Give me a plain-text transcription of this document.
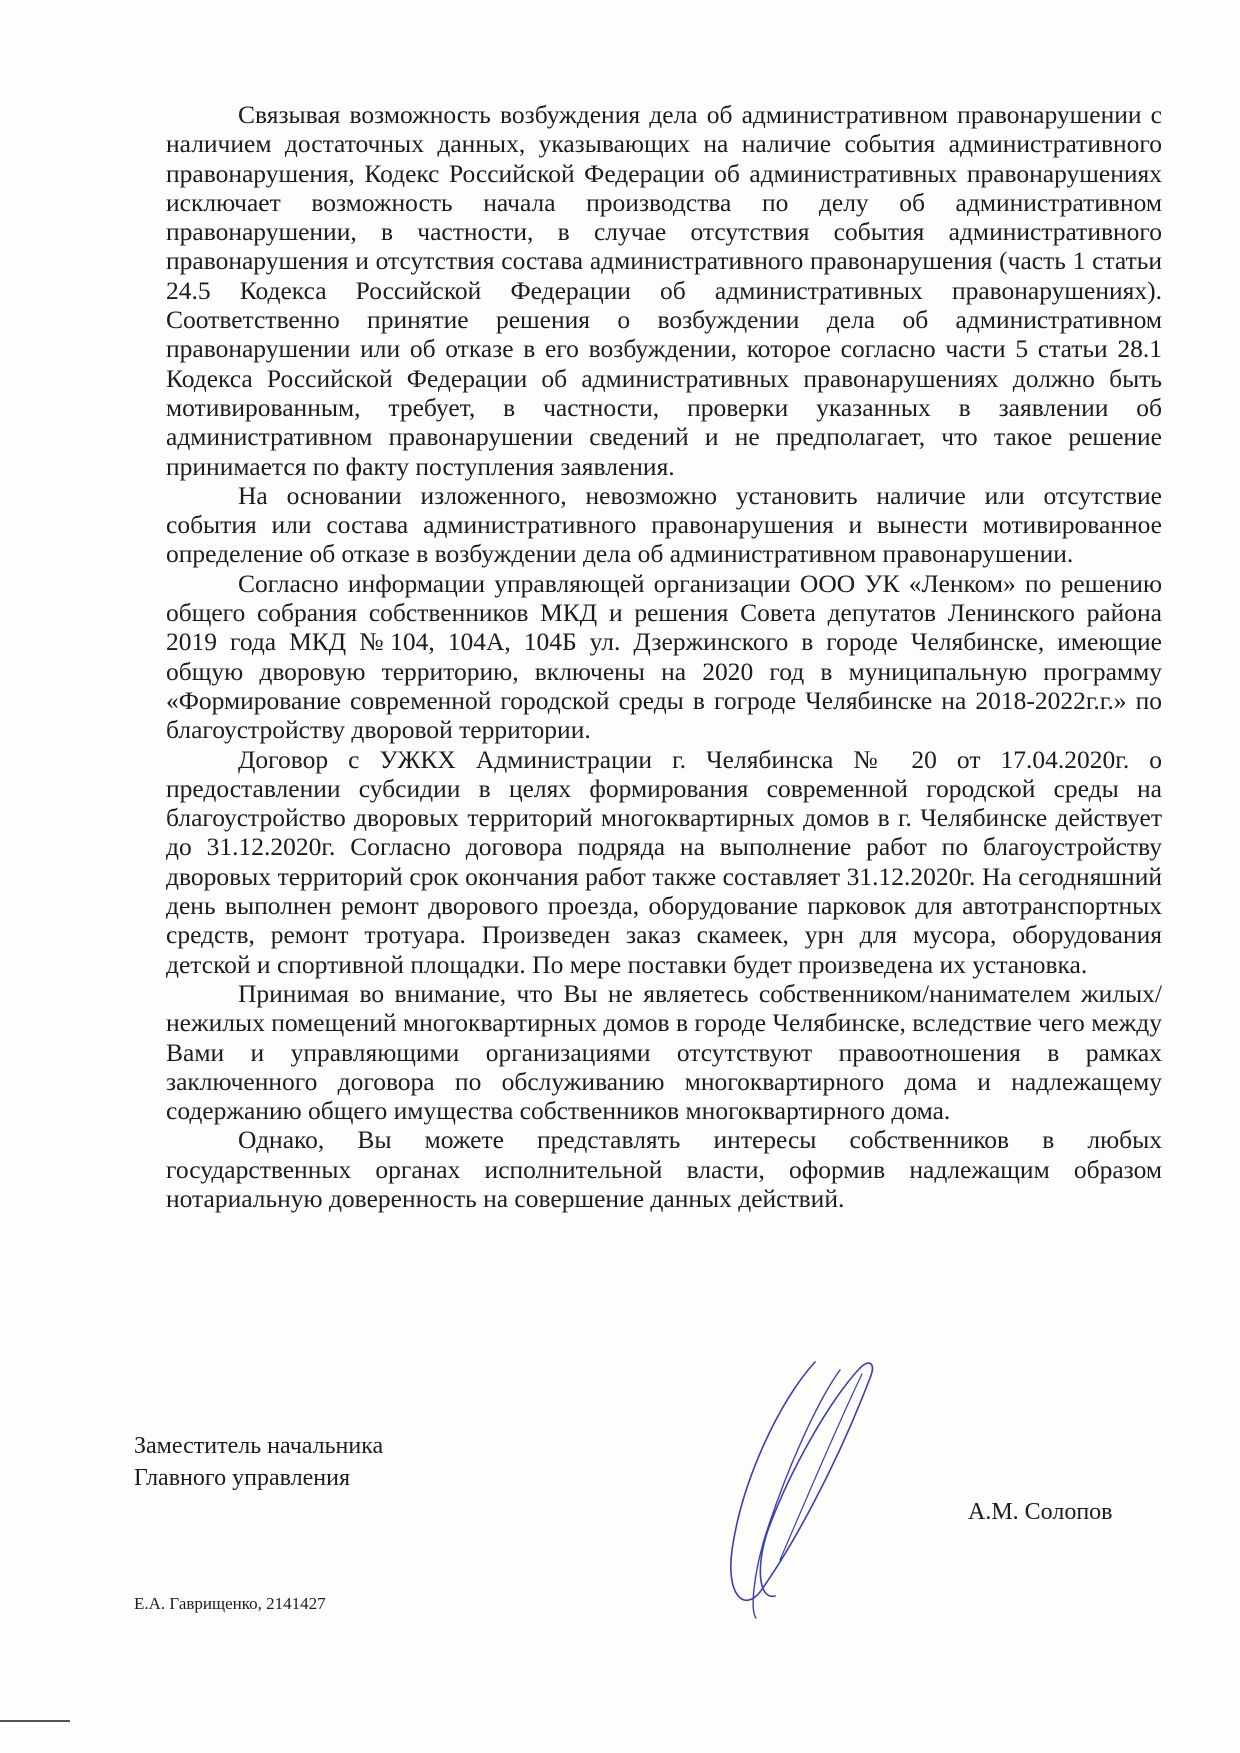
Связывая возможность возбуждения дела об административном правонарушении с наличием достаточных данных, указывающих на наличие события административного правонарушения, Кодекс Российской Федерации об административных правонарушениях исключает возможность начала производства по делу об административном правонарушении, в частности, в случае отсутствия события административного правонарушения и отсутствия состава административного правонарушения (часть 1 статьи 24.5 Кодекса Российской Федерации об административных правонарушениях). Соответственно принятие решения о возбуждении дела об административном правонарушении или об отказе в его возбуждении, которое согласно части 5 статьи 28.1 Кодекса Российской Федерации об административных правонарушениях должно быть мотивированным, требует, в частности, проверки указанных в заявлении об административном правонарушении сведений и не предполагает, что такое решение принимается по факту поступления заявления.

На основании изложенного, невозможно установить наличие или отсутствие события или состава административного правонарушения и вынести мотивированное определение об отказе в возбуждении дела об административном правонарушении.

Согласно информации управляющей организации ООО УК «Ленком» по решению общего собрания собственников МКД и решения Совета депутатов Ленинского района 2019 года МКД №104, 104А, 104Б ул. Дзержинского в городе Челябинске, имеющие общую дворовую территорию, включены на 2020 год в муниципальную программу «Формирование современной городской среды в гогроде Челябинске на 2018-2022г.г.» по благоустройству дворовой территории.

Договор с УЖКХ Администрации г. Челябинска № 20 от 17.04.2020г. о предоставлении субсидии в целях формирования современной городской среды на благоустройство дворовых территорий многоквартирных домов в г. Челябинске действует до 31.12.2020г. Согласно договора подряда на выполнение работ по благоустройству дворовых территорий срок окончания работ также составляет 31.12.2020г. На сегодняшний день выполнен ремонт дворового проезда, оборудование парковок для автотранспортных средств, ремонт тротуара. Произведен заказ скамеек, урн для мусора, оборудования детской и спортивной площадки. По мере поставки будет произведена их установка.

Принимая во внимание, что Вы не являетесь собственником/нанимателем жилых/нежилых помещений многоквартирных домов в городе Челябинске, вследствие чего между Вами и управляющими организациями отсутствуют правоотношения в рамках заключенного договора по обслуживанию многоквартирного дома и надлежащему содержанию общего имущества собственников многоквартирного дома.

Однако, Вы можете представлять интересы собственников в любых государственных органах исполнительной власти, оформив надлежащим образом нотариальную доверенность на совершение данных действий.

Заместитель начальника
Главного управления
А.М. Солопов
Е.А. Гаврищенко, 2141427
